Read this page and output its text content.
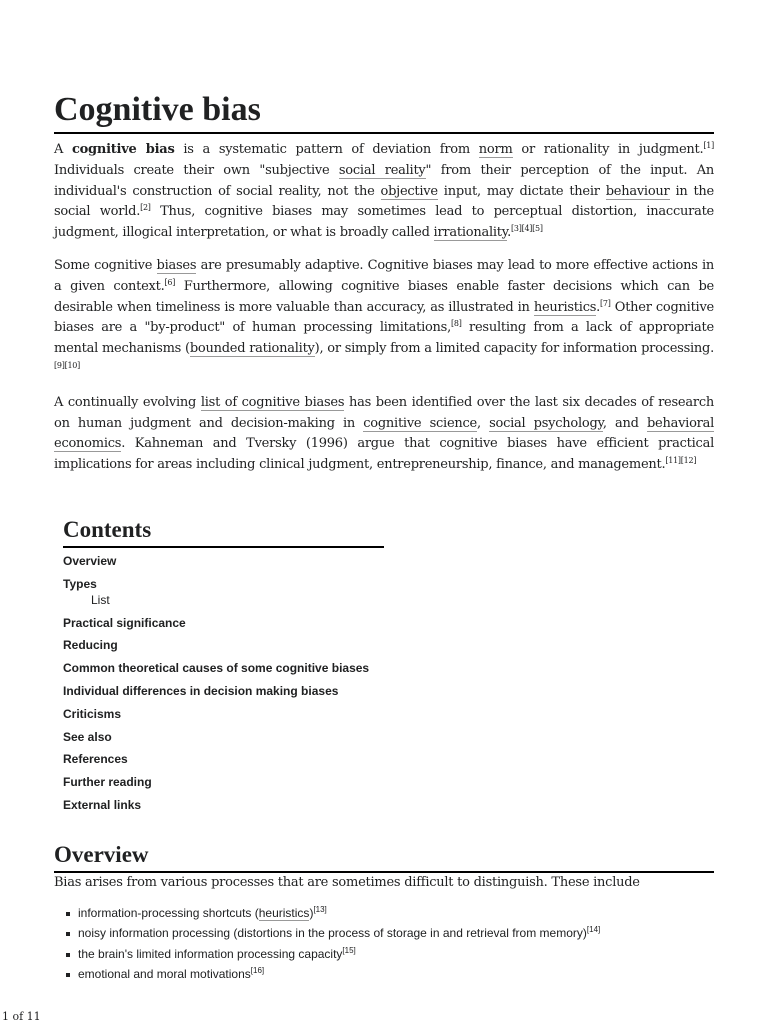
Cognitive bias

A cognitive bias is a systematic pattern of deviation from norm or rationality in judgment.[1] Individuals create their own "subjective social reality" from their perception of the input. An individual's construction of social reality, not the objective input, may dictate their behaviour in the social world.[2] Thus, cognitive biases may sometimes lead to perceptual distortion, inaccurate judgment, illogical interpretation, or what is broadly called irrationality.[3][4][5]

Some cognitive biases are presumably adaptive. Cognitive biases may lead to more effective actions in a given context.[6] Furthermore, allowing cognitive biases enable faster decisions which can be desirable when timeliness is more valuable than accuracy, as illustrated in heuristics.[7] Other cognitive biases are a "by-product" of human processing limitations,[8] resulting from a lack of appropriate mental mechanisms (bounded rationality), or simply from a limited capacity for information processing.[9][10]

A continually evolving list of cognitive biases has been identified over the last six decades of research on human judgment and decision-making in cognitive science, social psychology, and behavioral economics. Kahneman and Tversky (1996) argue that cognitive biases have efficient practical implications for areas including clinical judgment, entrepreneurship, finance, and management.[11][12]

Contents
Overview
Types
List
Practical significance
Reducing
Common theoretical causes of some cognitive biases
Individual differences in decision making biases
Criticisms
See also
References
Further reading
External links
Overview

Bias arises from various processes that are sometimes difficult to distinguish. These include

information-processing shortcuts (heuristics)[13]
noisy information processing (distortions in the process of storage in and retrieval from memory)[14]
the brain's limited information processing capacity[15]
emotional and moral motivations[16]
1 of 11
